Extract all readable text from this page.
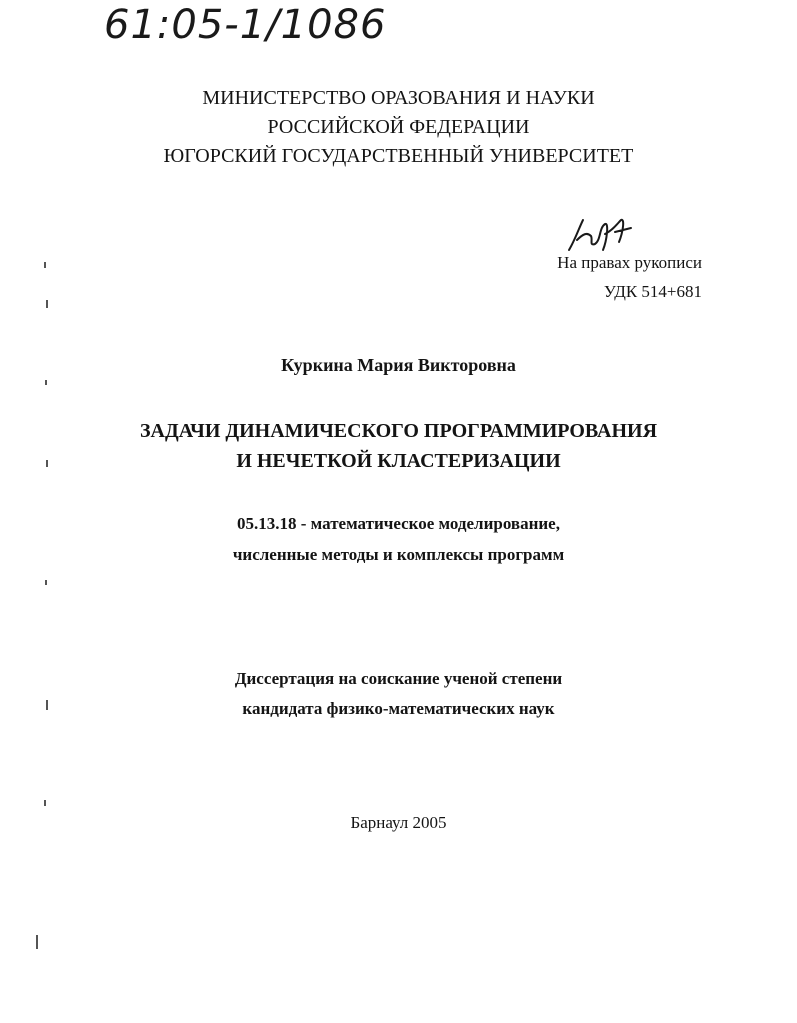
61:05-1/1086
МИНИСТЕРСТВО ОРАЗОВАНИЯ И НАУКИ
РОССИЙСКОЙ ФЕДЕРАЦИИ
ЮГОРСКИЙ ГОСУДАРСТВЕННЫЙ УНИВЕРСИТЕТ
На правах рукописи
УДК 514+681
Куркина Мария Викторовна
ЗАДАЧИ ДИНАМИЧЕСКОГО ПРОГРАММИРОВАНИЯ
И НЕЧЕТКОЙ КЛАСТЕРИЗАЦИИ
05.13.18 - математическое моделирование,
численные методы и комплексы программ
Диссертация на соискание ученой степени
кандидата физико-математических наук
Барнаул 2005
